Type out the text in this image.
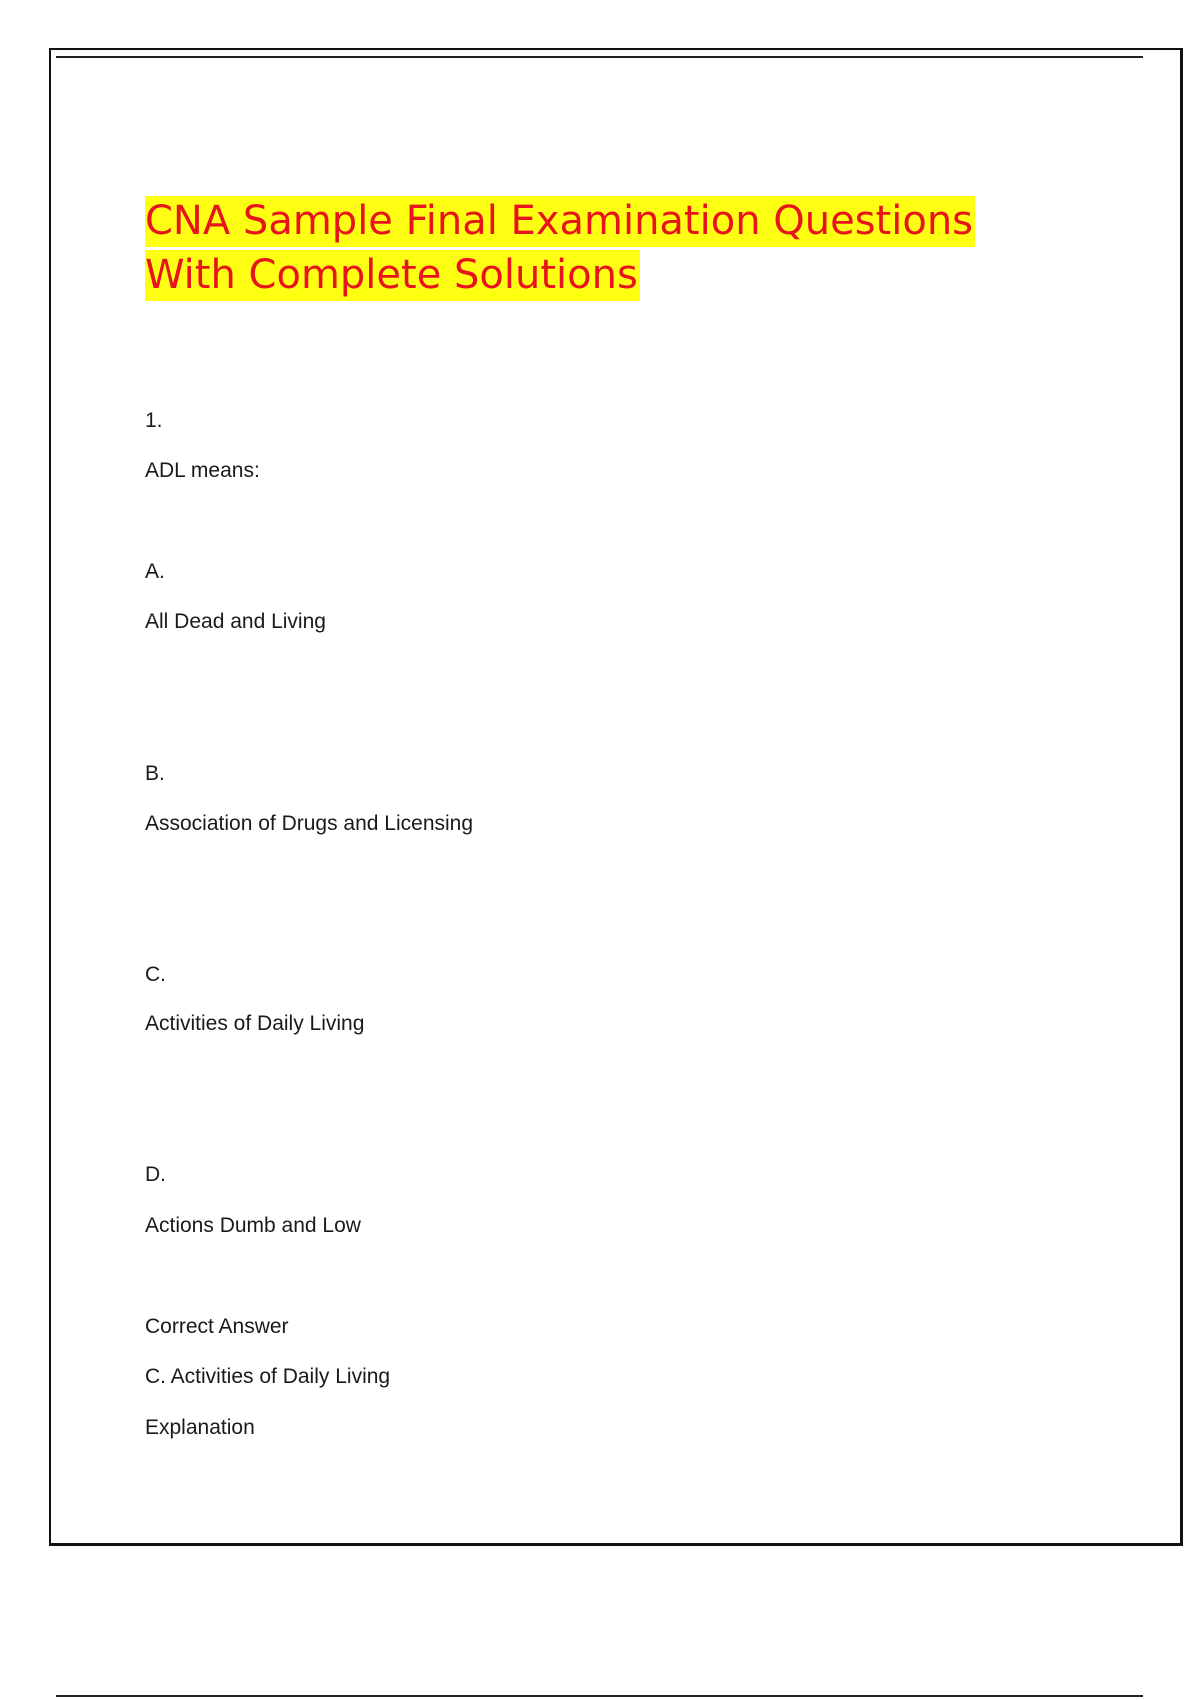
CNA Sample Final Examination Questions
With Complete Solutions

1.

ADL means:

A.

All Dead and Living

B.

Association of Drugs and Licensing

C.

Activities of Daily Living

D.

Actions Dumb and Low

Correct Answer

C. Activities of Daily Living

Explanation
